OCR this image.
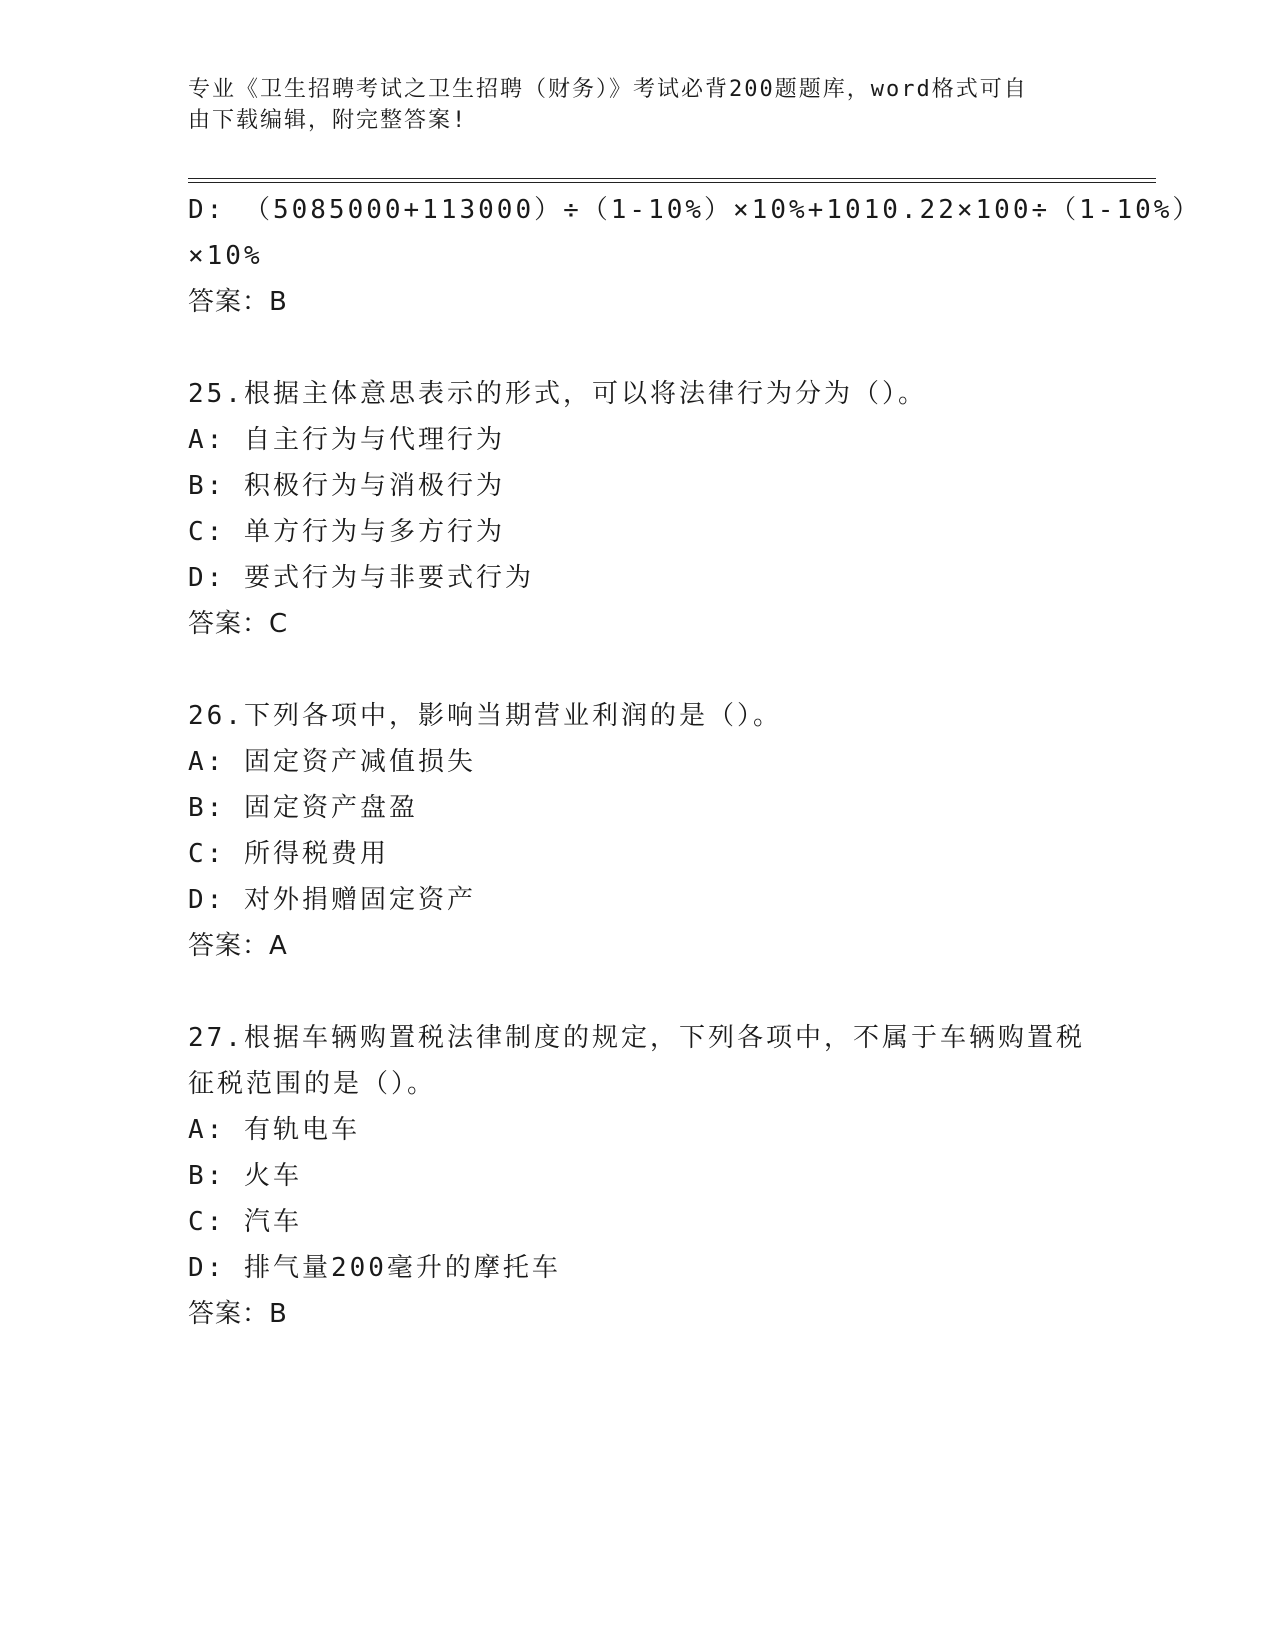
专业《卫生招聘考试之卫生招聘（财务）》考试必背200题题库，word格式可自
由下载编辑，附完整答案!
D: （5085000+113000）÷（1-10%）×10%+1010.22×100÷（1-10%）
×10%
答案：B
25.根据主体意思表示的形式，可以将法律行为分为（）。
A: 自主行为与代理行为
B: 积极行为与消极行为
C: 单方行为与多方行为
D: 要式行为与非要式行为
答案：C
26.下列各项中，影响当期营业利润的是（）。
A: 固定资产减值损失
B: 固定资产盘盈
C: 所得税费用
D: 对外捐赠固定资产
答案：A
27.根据车辆购置税法律制度的规定，下列各项中，不属于车辆购置税
征税范围的是（）。
A: 有轨电车
B: 火车
C: 汽车
D: 排气量200毫升的摩托车
答案：B
